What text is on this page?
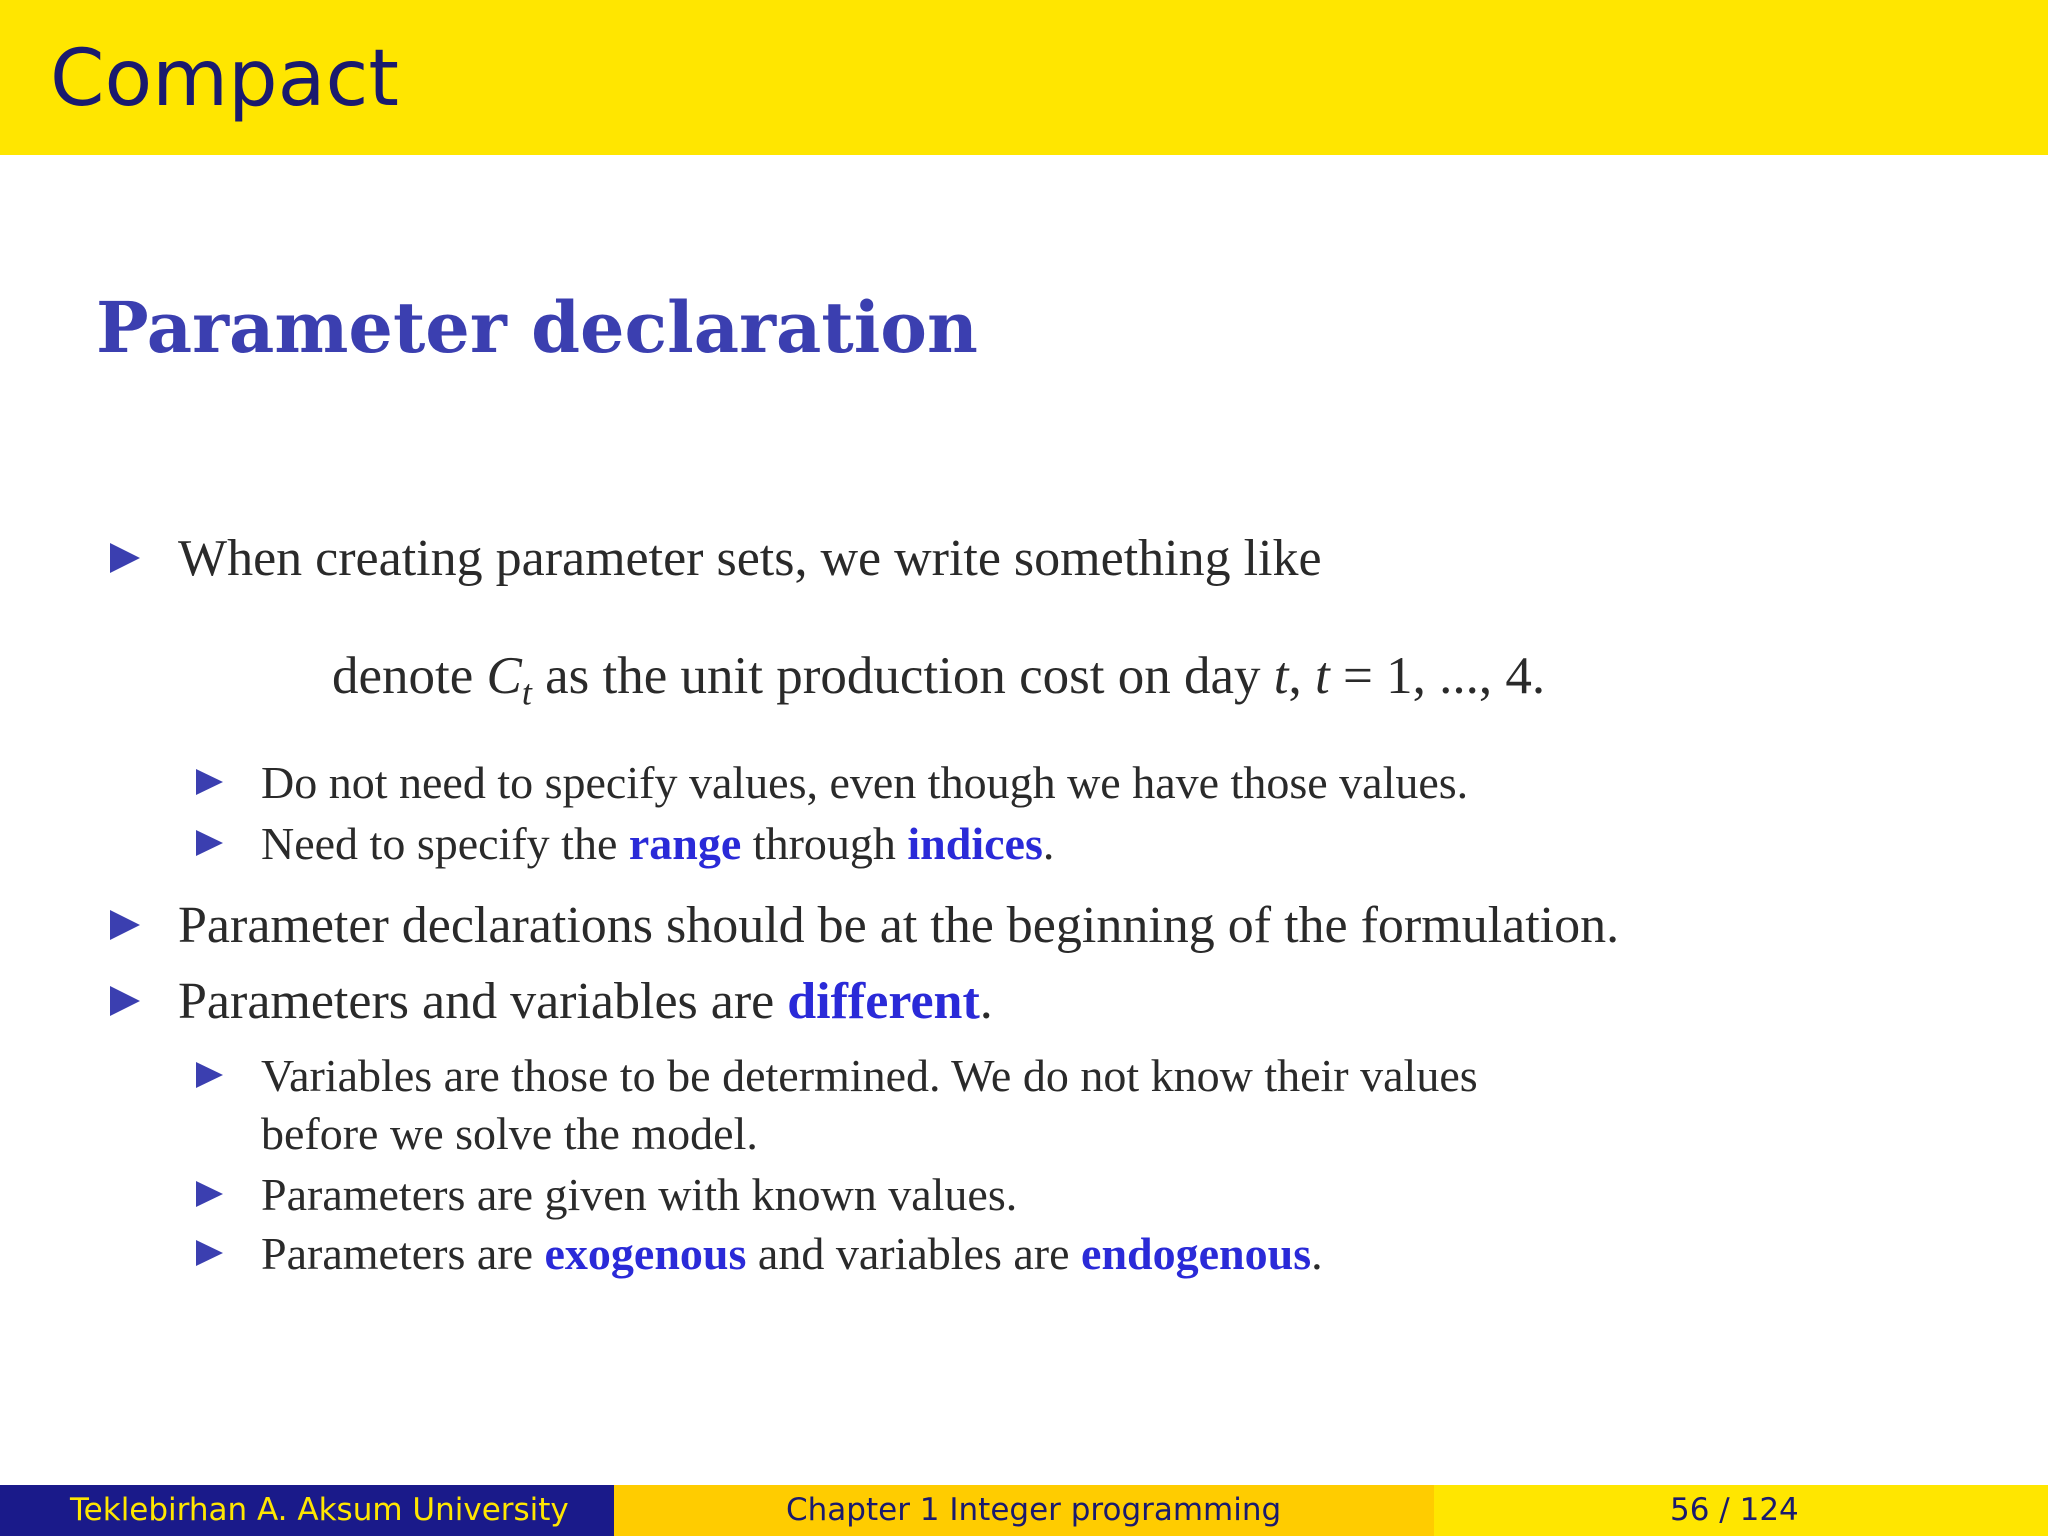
Compact
Parameter declaration
When creating parameter sets, we write something like
denote $C_t$ as the unit production cost on day t, t = 1, ..., 4.
Do not need to specify values, even though we have those values.
Need to specify the range through indices.
Parameter declarations should be at the beginning of the formulation.
Parameters and variables are different.
Variables are those to be determined. We do not know their values
before we solve the model.
Parameters are given with known values.
Parameters are exogenous and variables are endogenous.
Teklebirhan A. Aksum University	Chapter 1 Integer programming	56 / 124
